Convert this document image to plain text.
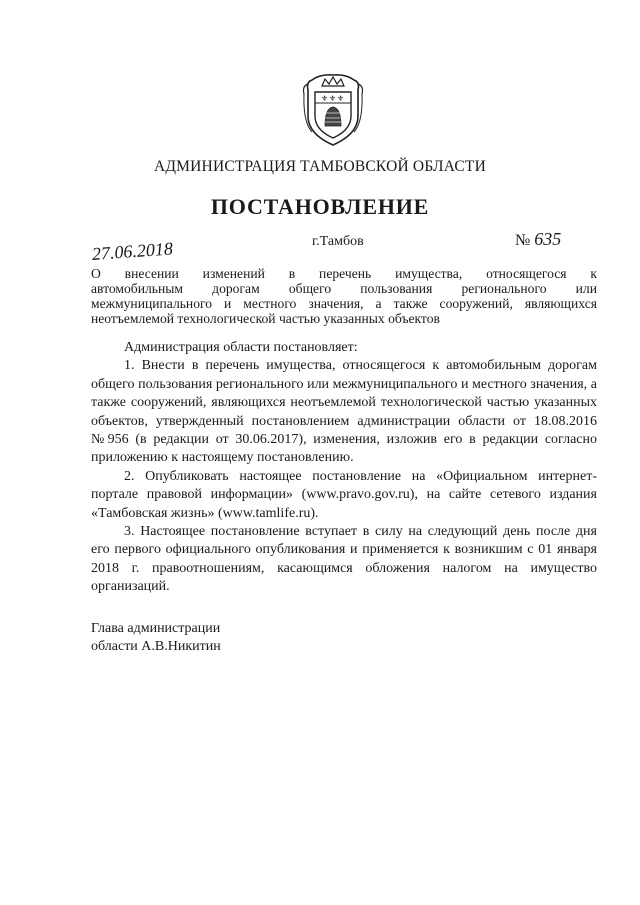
⚜ ⚜ ⚜
АДМИНИСТРАЦИЯ ТАМБОВСКОЙ ОБЛАСТИ
ПОСТАНОВЛЕНИЕ
27.06.2018	г.Тамбов	№ 635
О внесении изменений в перечень имущества, относящегося к
автомобильным дорогам общего пользования регионального или
межмуниципального и местного значения, а также сооружений, являющихся
неотъемлемой технологической частью указанных объектов

Администрация области постановляет:

1. Внести в перечень имущества, относящегося к автомобильным дорогам общего пользования регионального или межмуниципального и местного значения, а также сооружений, являющихся неотъемлемой технологической частью указанных объектов, утвержденный постановлением администрации области от 18.08.2016 №956 (в редакции от 30.06.2017), изменения, изложив его в редакции согласно приложению к настоящему постановлению.

2. Опубликовать настоящее постановление на «Официальном интернет-портале правовой информации» (www.pravo.gov.ru), на сайте сетевого издания «Тамбовская жизнь» (www.tamlife.ru).

3. Настоящее постановление вступает в силу на следующий день после дня его первого официального опубликования и применяется к возникшим с 01 января 2018 г. правоотношениям, касающимся обложения налогом на имущество организаций.

Глава администрации
области А.В.Никитин
